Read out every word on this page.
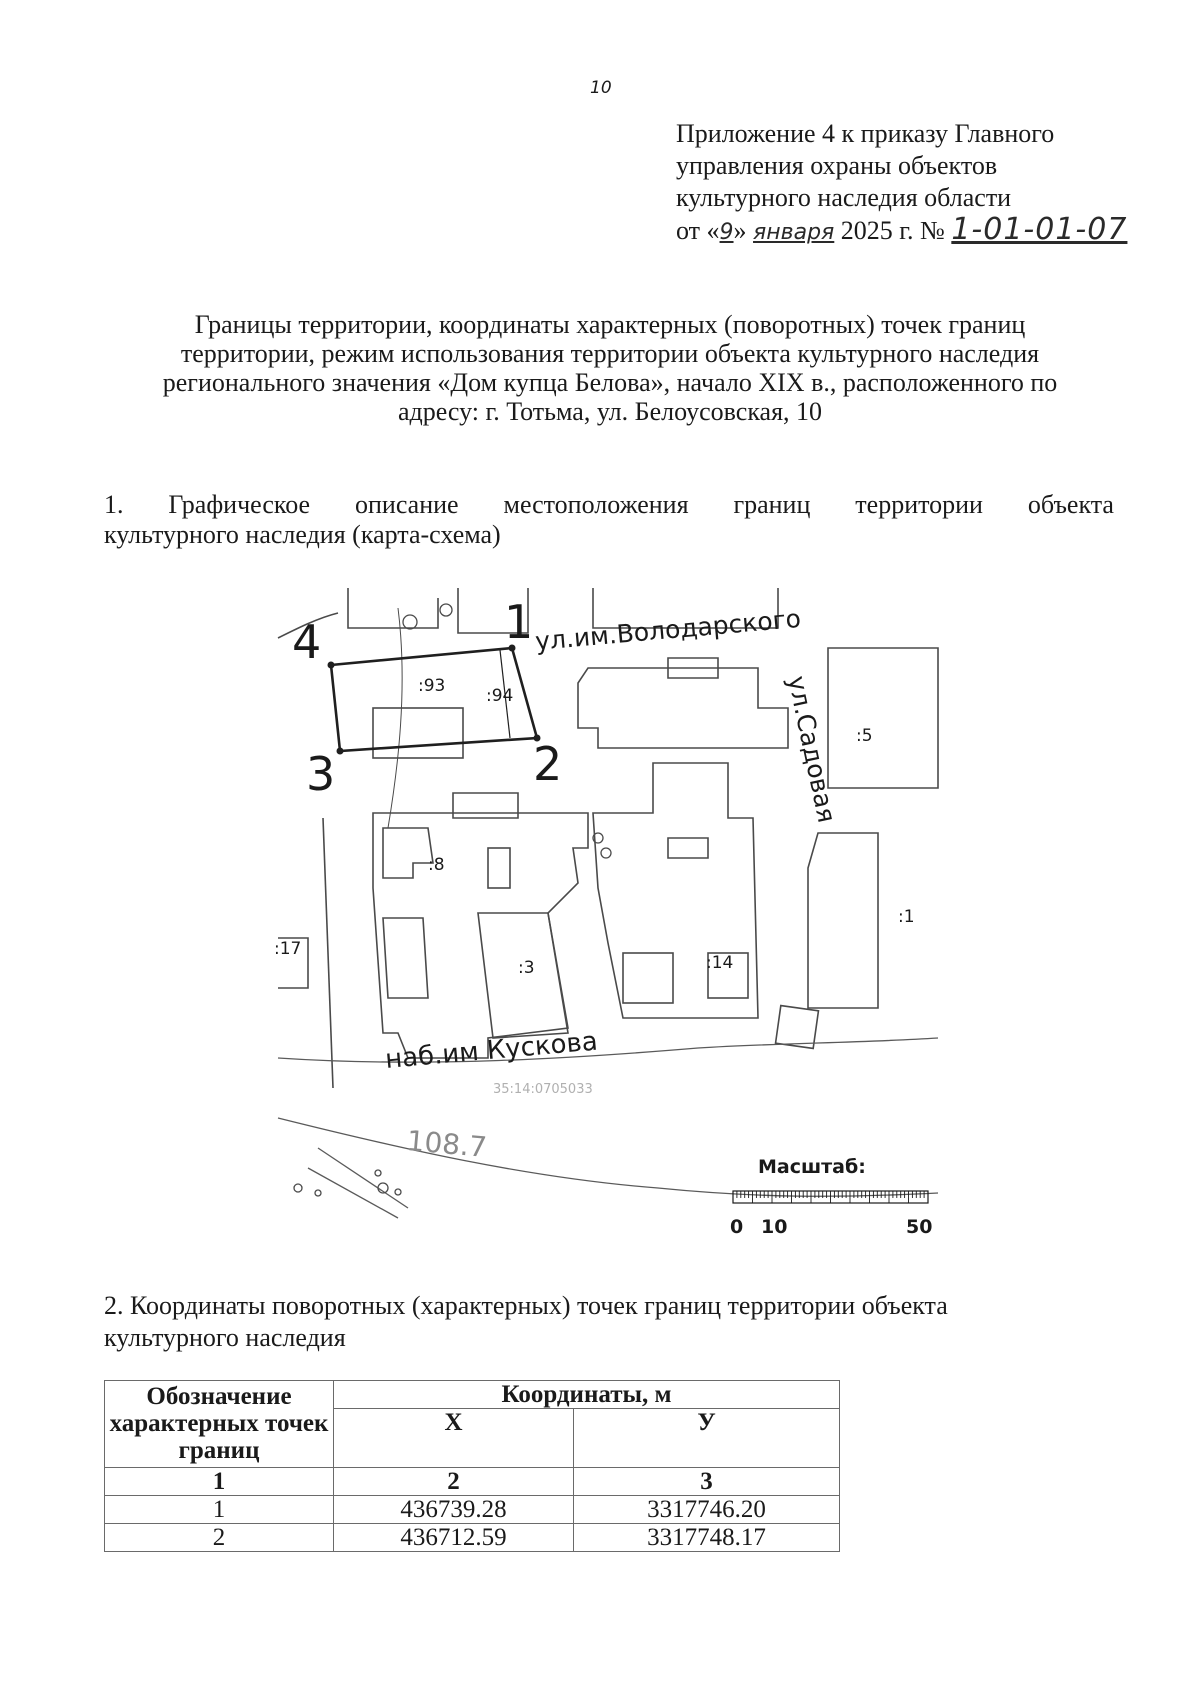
10
Приложение 4 к приказу Главного
управления охраны объектов
культурного наследия области
от «9» января 2025 г. № 1-01-01-07
Границы территории, координаты характерных (поворотных) точек границ
территории, режим использования территории объекта культурного наследия
регионального значения «Дом купца Белова», начало XIX в., расположенного по
адресу: г. Тотьма, ул. Белоусовская, 10
1. Графическое описание местоположения границ территории объекта
культурного наследия (карта-схема)
1
2
3
4	ул.им.Володарского
ул.Садовая
наб.им Кускова
:93 :94
:8
:3	:14
:17
:5
:1
108.7
35:14:0705033
Масштаб:
0 10	50
2. Координаты поворотных (характерных) точек границ территории объекта
культурного наследия
Обозначение характерных точек границ	Координаты, м	
	X	У
1	2	3
1	436739.28	3317746.20
2	436712.59	3317748.17
